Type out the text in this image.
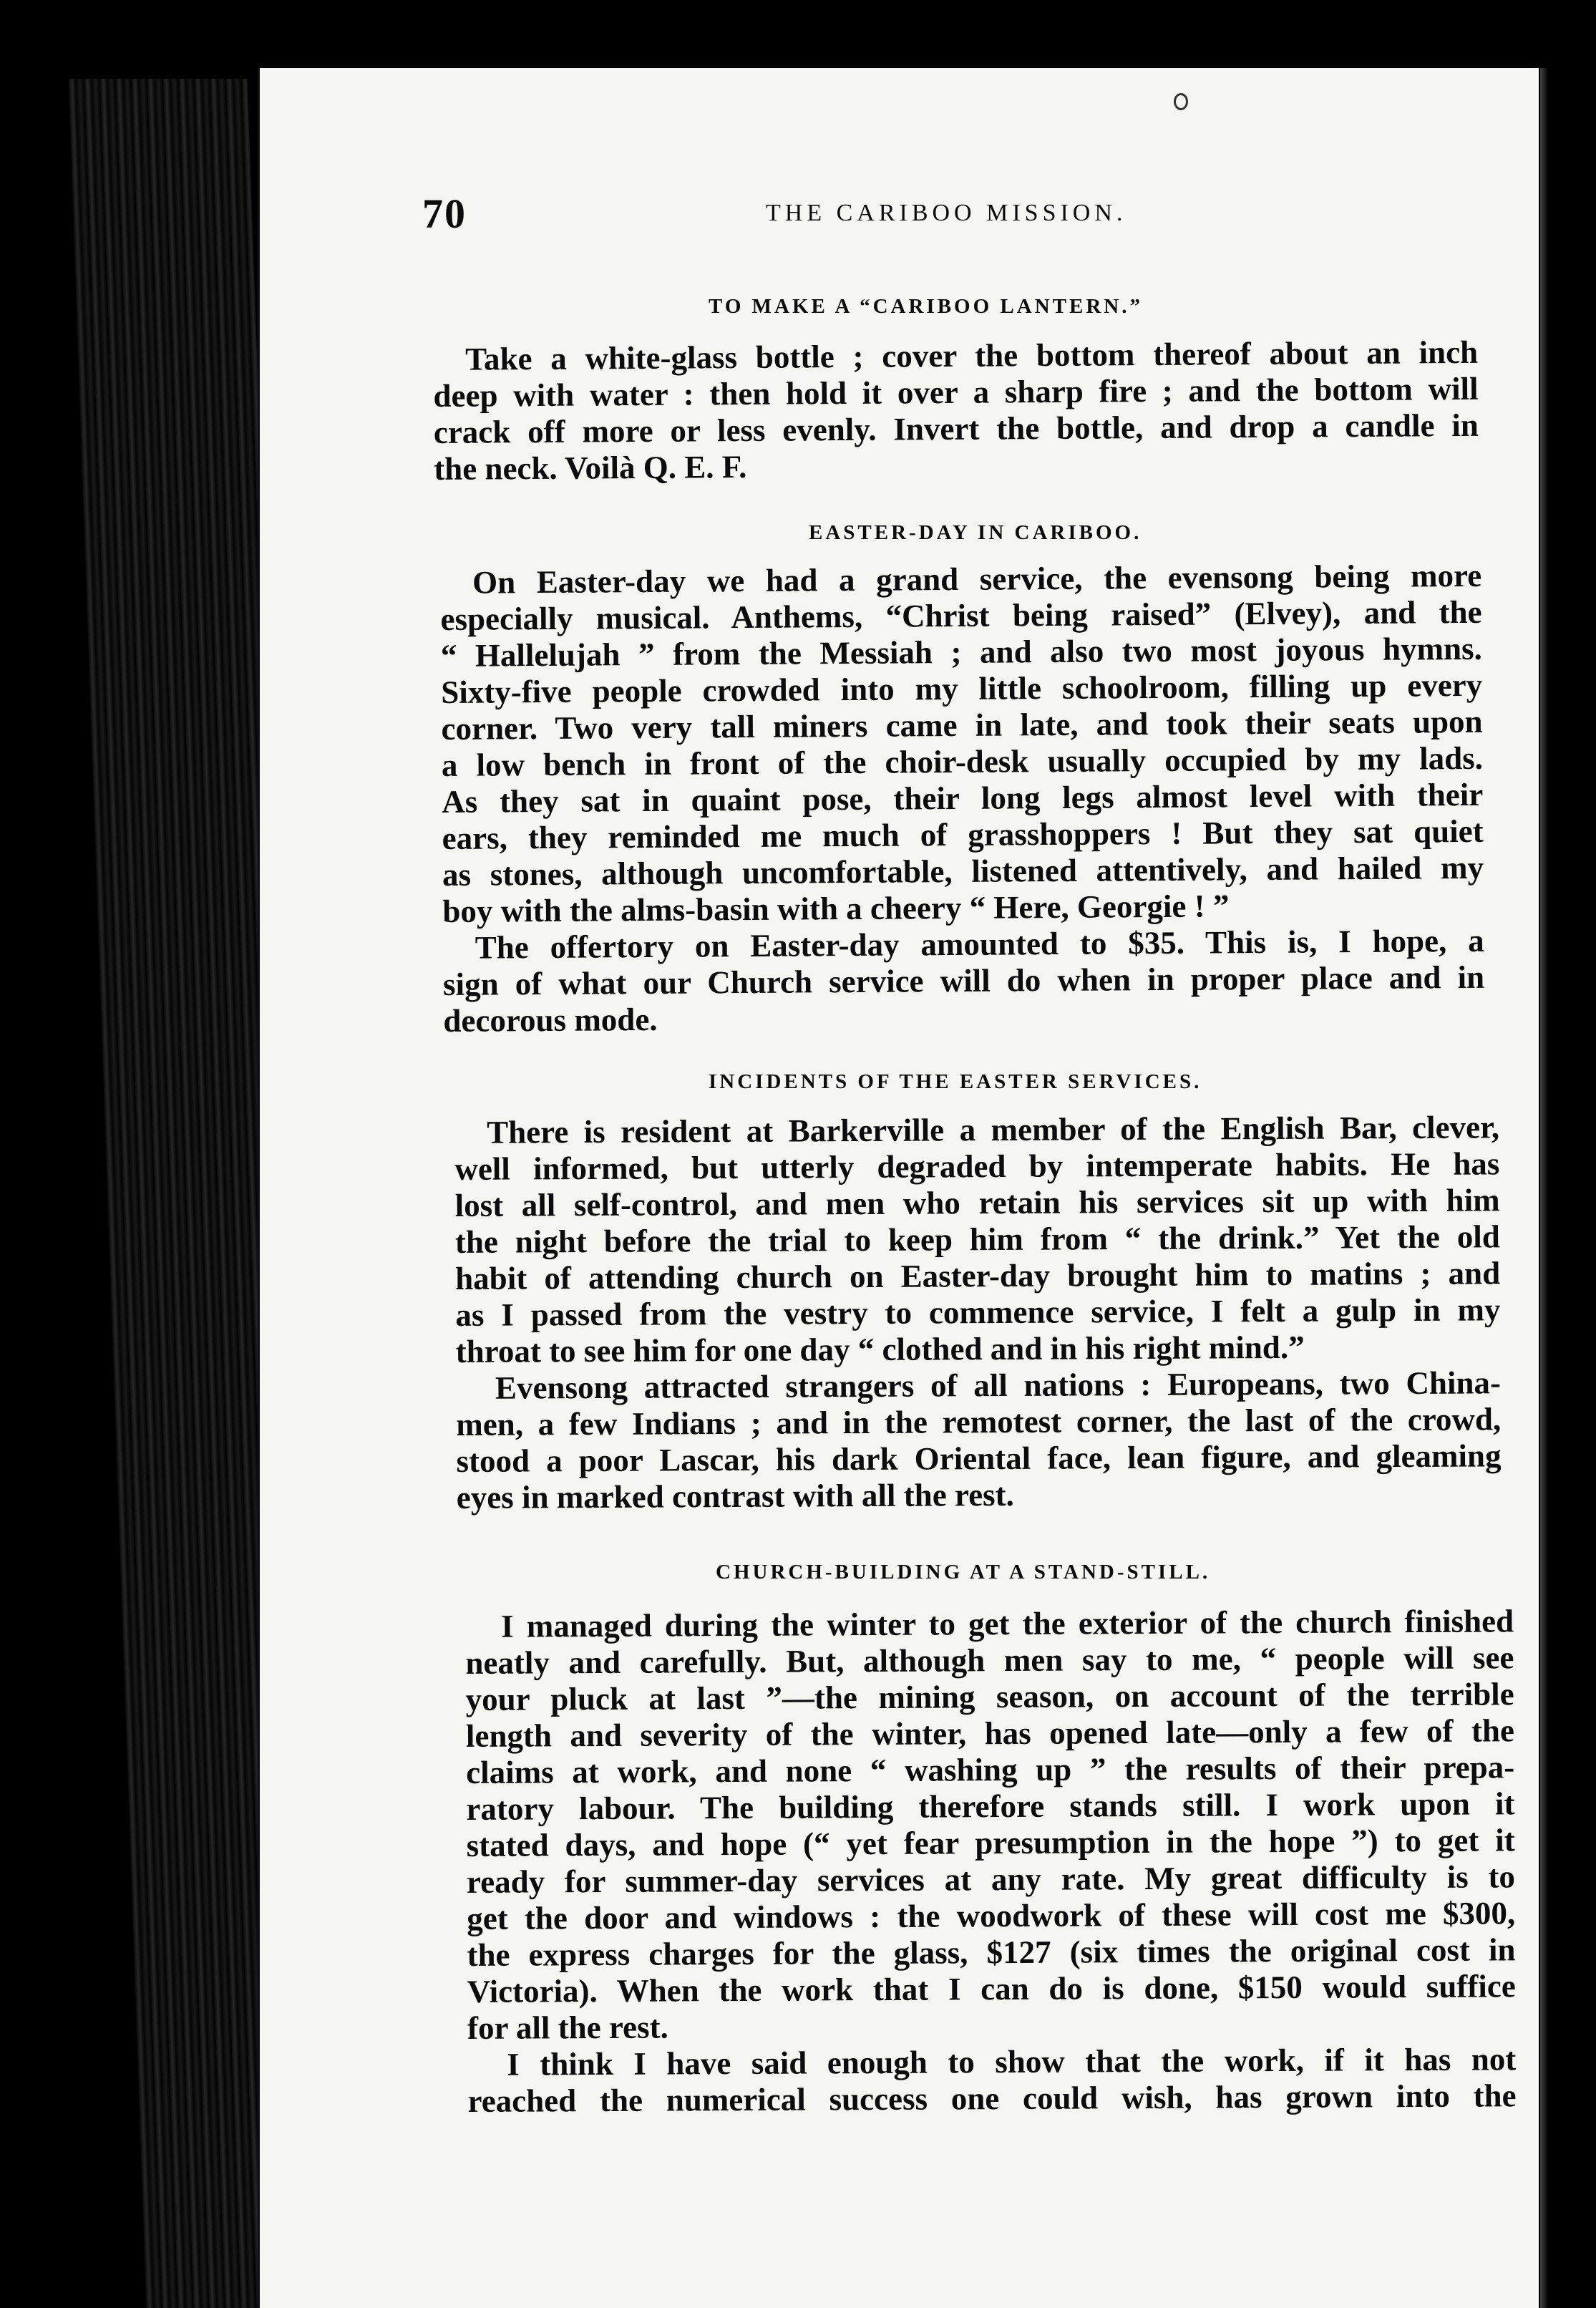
70	THE CARIBOO MISSION.
TO MAKE A “CARIBOO LANTERN.”
Take a white-glass bottle ; cover the bottom thereof about an inch
deep with water : then hold it over a sharp fire ; and the bottom will
crack off more or less evenly. Invert the bottle, and drop a candle in
the neck. Voilà Q. E. F.
EASTER-DAY IN CARIBOO.
On Easter-day we had a grand service, the evensong being more
especially musical. Anthems, “Christ being raised” (Elvey), and the
“ Hallelujah ” from the Messiah ; and also two most joyous hymns.
Sixty-five people crowded into my little schoolroom, filling up every
corner. Two very tall miners came in late, and took their seats upon
a low bench in front of the choir-desk usually occupied by my lads.
As they sat in quaint pose, their long legs almost level with their
ears, they reminded me much of grasshoppers ! But they sat quiet
as stones, although uncomfortable, listened attentively, and hailed my
boy with the alms-basin with a cheery “ Here, Georgie ! ”
The offertory on Easter-day amounted to $35. This is, I hope, a
sign of what our Church service will do when in proper place and in
decorous mode.
INCIDENTS OF THE EASTER SERVICES.
There is resident at Barkerville a member of the English Bar, clever,
well informed, but utterly degraded by intemperate habits. He has
lost all self-control, and men who retain his services sit up with him
the night before the trial to keep him from “ the drink.” Yet the old
habit of attending church on Easter-day brought him to matins ; and
as I passed from the vestry to commence service, I felt a gulp in my
throat to see him for one day “ clothed and in his right mind.”
Evensong attracted strangers of all nations : Europeans, two China-
men, a few Indians ; and in the remotest corner, the last of the crowd,
stood a poor Lascar, his dark Oriental face, lean figure, and gleaming
eyes in marked contrast with all the rest.
CHURCH-BUILDING AT A STAND-STILL.
I managed during the winter to get the exterior of the church finished
neatly and carefully. But, although men say to me, “ people will see
your pluck at last ”—the mining season, on account of the terrible
length and severity of the winter, has opened late—only a few of the
claims at work, and none “ washing up ” the results of their prepa-
ratory labour. The building therefore stands still. I work upon it
stated days, and hope (“ yet fear presumption in the hope ”) to get it
ready for summer-day services at any rate. My great difficulty is to
get the door and windows : the woodwork of these will cost me $300,
the express charges for the glass, $127 (six times the original cost in
Victoria). When the work that I can do is done, $150 would suffice
for all the rest.
I think I have said enough to show that the work, if it has not
reached the numerical success one could wish, has grown into the
